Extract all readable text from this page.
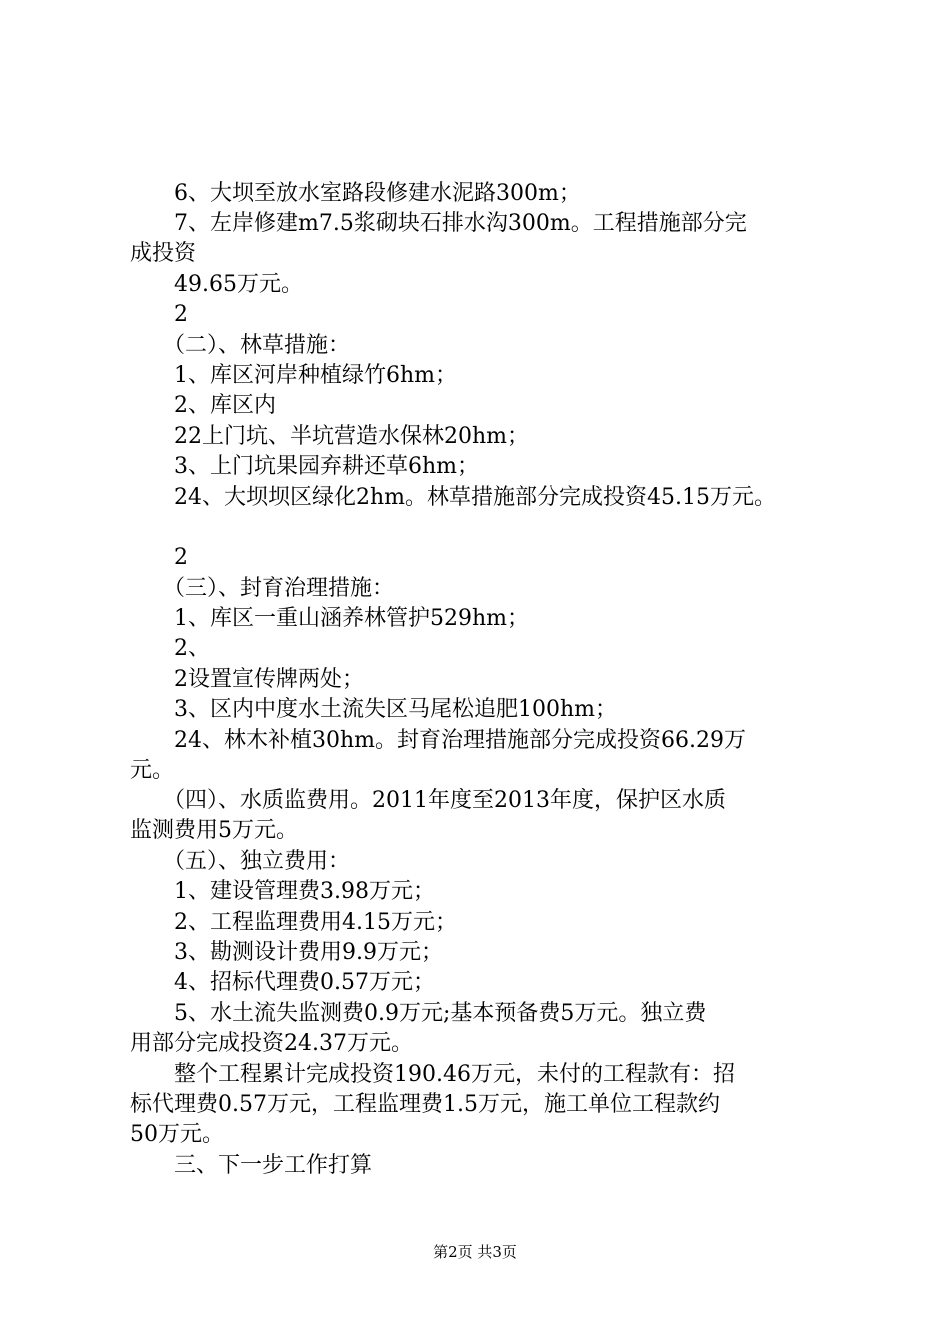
　　6、大坝至放水室路段修建水泥路300m；
　　7、左岸修建m7.5浆砌块石排水沟300m。工程措施部分完
成投资
　　49.65万元。
　　2
　　（二）、林草措施：
　　1、库区河岸种植绿竹6hm；
　　2、库区内
　　22上门坑、半坑营造水保林20hm；
　　3、上门坑果园弃耕还草6hm；
　　24、大坝坝区绿化2hm。林草措施部分完成投资45.15万元。
　　2
　　（三）、封育治理措施：
　　1、库区一重山涵养林管护529hm；
　　2、
　　2设置宣传牌两处；
　　3、区内中度水土流失区马尾松追肥100hm；
　　24、林木补植30hm。封育治理措施部分完成投资66.29万
元。
　　（四）、水质监费用。2011年度至2013年度，保护区水质
监测费用5万元。
　　（五）、独立费用：
　　1、建设管理费3.98万元；
　　2、工程监理费用4.15万元；
　　3、勘测设计费用9.9万元；
　　4、招标代理费0.57万元；
　　5、水土流失监测费0.9万元;基本预备费5万元。独立费
用部分完成投资24.37万元。
　　整个工程累计完成投资190.46万元，未付的工程款有：招
标代理费0.57万元，工程监理费1.5万元，施工单位工程款约
50万元。
　　三、下一步工作打算
第2页 共3页
